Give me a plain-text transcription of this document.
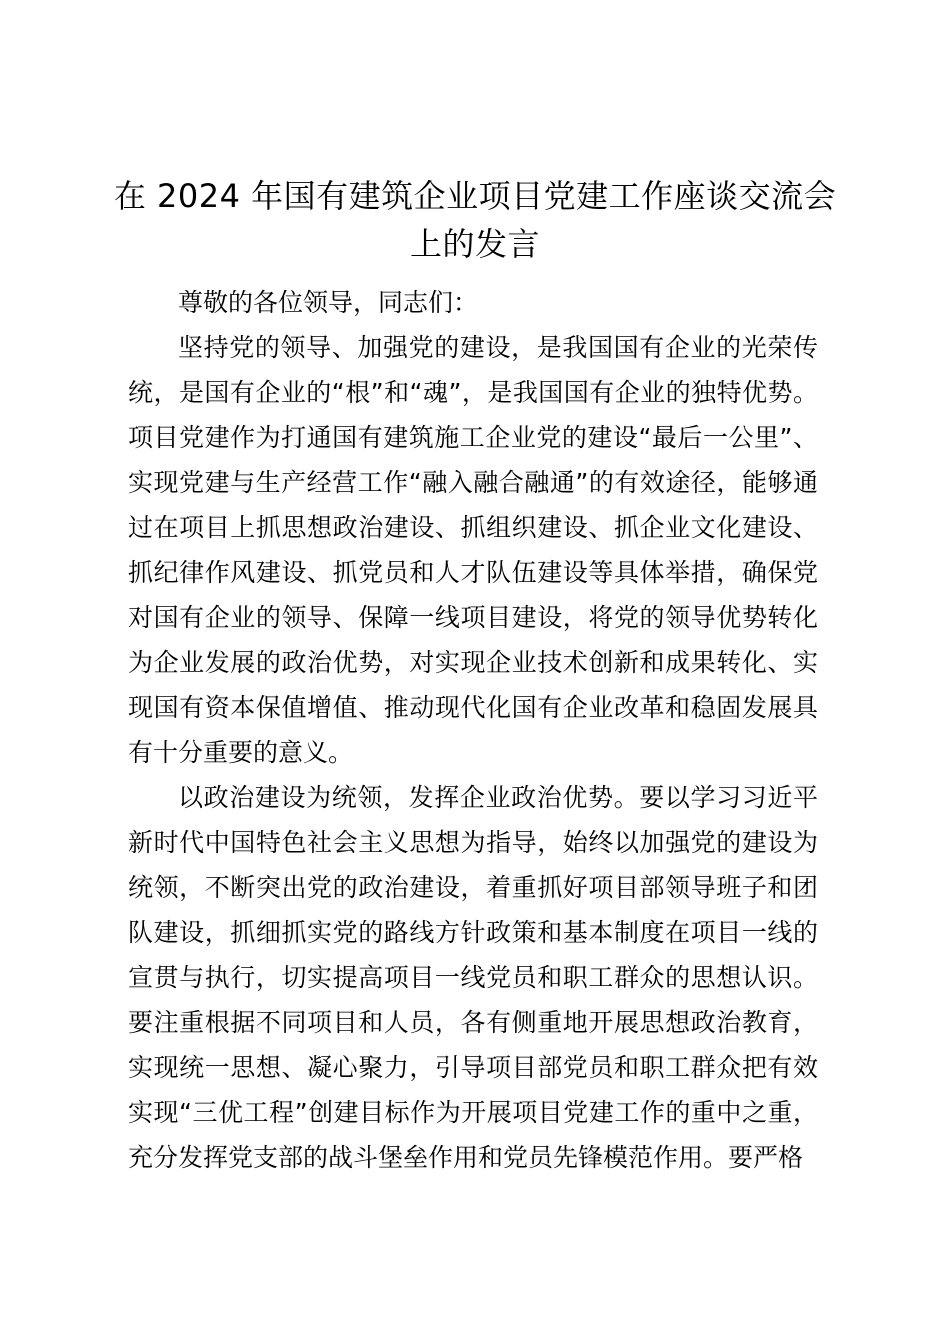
在 2024 年国有建筑企业项目党建工作座谈交流会上的发言

尊敬的各位领导，同志们：

坚持党的领导、加强党的建设，是我国国有企业的光荣传统，是国有企业的“根”和“魂”，是我国国有企业的独特优势。项目党建作为打通国有建筑施工企业党的建设“最后一公里”、实现党建与生产经营工作“融入融合融通”的有效途径，能够通过在项目上抓思想政治建设、抓组织建设、抓企业文化建设、抓纪律作风建设、抓党员和人才队伍建设等具体举措，确保党对国有企业的领导、保障一线项目建设，将党的领导优势转化为企业发展的政治优势，对实现企业技术创新和成果转化、实现国有资本保值增值、推动现代化国有企业改革和稳固发展具有十分重要的意义。

以政治建设为统领，发挥企业政治优势。要以学习习近平新时代中国特色社会主义思想为指导，始终以加强党的建设为统领，不断突出党的政治建设，着重抓好项目部领导班子和团队建设，抓细抓实党的路线方针政策和基本制度在项目一线的宣贯与执行，切实提高项目一线党员和职工群众的思想认识。要注重根据不同项目和人员，各有侧重地开展思想政治教育，实现统一思想、凝心聚力，引导项目部党员和职工群众把有效实现“三优工程”创建目标作为开展项目党建工作的重中之重，充分发挥党支部的战斗堡垒作用和党员先锋模范作用。要严格
